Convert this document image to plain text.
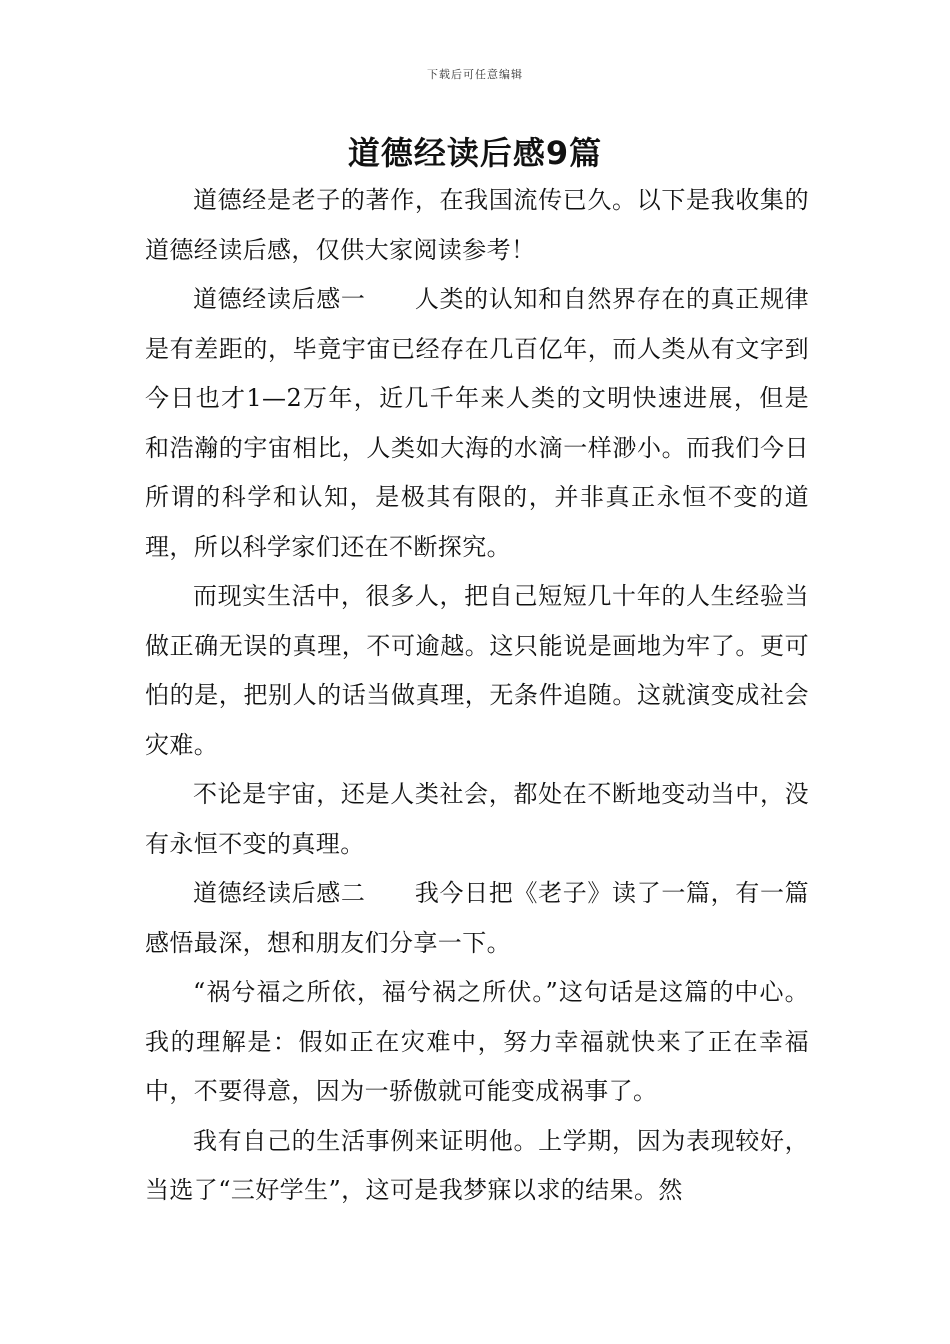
下载后可任意编辑
道德经读后感9篇

道德经是老子的著作，在我国流传已久。以下是我收集的道德经读后感，仅供大家阅读参考！

道德经读后感一　　人类的认知和自然界存在的真正规律是有差距的，毕竟宇宙已经存在几百亿年，而人类从有文字到今日也才1—2万年，近几千年来人类的文明快速进展，但是和浩瀚的宇宙相比，人类如大海的水滴一样渺小。而我们今日所谓的科学和认知，是极其有限的，并非真正永恒不变的道理，所以科学家们还在不断探究。

而现实生活中，很多人，把自己短短几十年的人生经验当做正确无误的真理，不可逾越。这只能说是画地为牢了。更可怕的是，把别人的话当做真理，无条件追随。这就演变成社会灾难。

不论是宇宙，还是人类社会，都处在不断地变动当中，没有永恒不变的真理。

道德经读后感二　　我今日把《老子》读了一篇，有一篇感悟最深，想和朋友们分享一下。

“祸兮福之所依，福兮祸之所伏。”这句话是这篇的中心。我的理解是：假如正在灾难中，努力幸福就快来了正在幸福中，不要得意，因为一骄傲就可能变成祸事了。

我有自己的生活事例来证明他。上学期，因为表现较好，当选了“三好学生”，这可是我梦寐以求的结果。然
